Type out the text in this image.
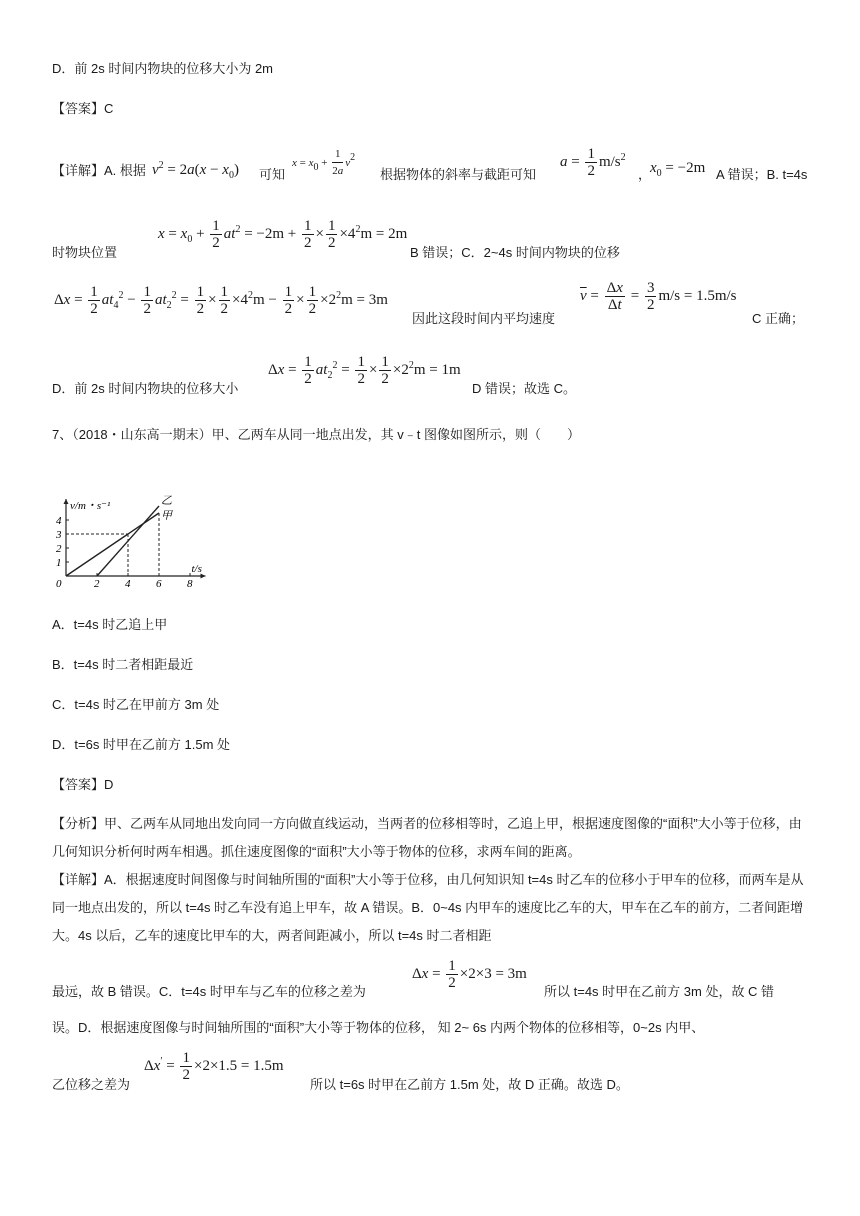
D．前 2s 时间内物块的位移大小为 2m
【答案】C
【详解】A. 根据 $v^2 = 2a(x - x_0)$ 可知
$x = x_0 + \frac{1}{2a} v^2$
根据物体的斜率与截距可知
$a = \frac{1}{2} m/s^2$
，
$x_0 = -2m$ A 错误；B. t=4s
$x = x_0 + \frac{1}{2} at^2 = -2m + \frac{1}{2} \times \frac{1}{2} \times 4^2m = 2m$
时物块位置	B 错误；C．2~4s 时间内物块的位移
$\Delta x = \frac{1}{2} at_4^2 - \frac{1}{2} at_2^2 = \frac{1}{2} \times \frac{1}{2} \times 4^2m - \frac{1}{2} \times \frac{1}{2} \times 2^2m = 3m$
因此这段时间内平均速度
$\overline{v} = \frac{\Delta x}{\Delta t} = \frac{3}{2} m/s = 1.5m/s$
C 正确；
D．前 2s 时间内物块的位移大小
$\Delta x = \frac{1}{2} at_2^2 = \frac{1}{2} \times \frac{1}{2} \times 2^2m = 1m$
D 错误；故选 C。
7、（2018・山东高一期末）甲、乙两车从同一地点出发，其 v﹣t 图像如图所示，则（　　）
乙
甲
2 4 6 8
1
2
3
4
0
t/s
v/m・s⁻¹
A．t=4s 时乙追上甲
B．t=4s 时二者相距最近
C．t=4s 时乙在甲前方 3m 处
D．t=6s 时甲在乙前方 1.5m 处
【答案】D
【分析】甲、乙两车从同地出发向同一方向做直线运动，当两者的位移相等时，乙追上甲，根据速度图像的“面积”大小等于位移，由几何知识分析何时两车相遇。抓住速度图像的“面积”大小等于物体的位移，求两车间的距离。
【详解】A．根据速度时间图像与时间轴所围的“面积”大小等于位移，由几何知识知 t=4s 时乙车的位移小于甲车的位移，而两车是从同一地点出发的，所以 t=4s 时乙车没有追上甲车，故 A 错误。B．0~4s 内甲车的速度比乙车的大，甲车在乙车的前方，二者间距增大。4s 以后，乙车的速度比甲车的大，两者间距减小，所以 t=4s 时二者相距
最远，故 B 错误。C．t=4s 时甲车与乙车的位移之差为
$\Delta x = \frac{1}{2} \times 2\times 3 = 3m$
所以 t=4s 时甲在乙前方 3m 处，故 C 错
误。D．根据速度图像与时间轴所围的“面积”大小等于物体的位移， 知 2~ 6s 内两个物体的位移相等，0~2s 内甲、
乙位移之差为
$\Delta x' = \frac{1}{2} \times 2\times 1.5 = 1.5m$
所以 t=6s 时甲在乙前方 1.5m 处，故 D 正确。故选 D。
